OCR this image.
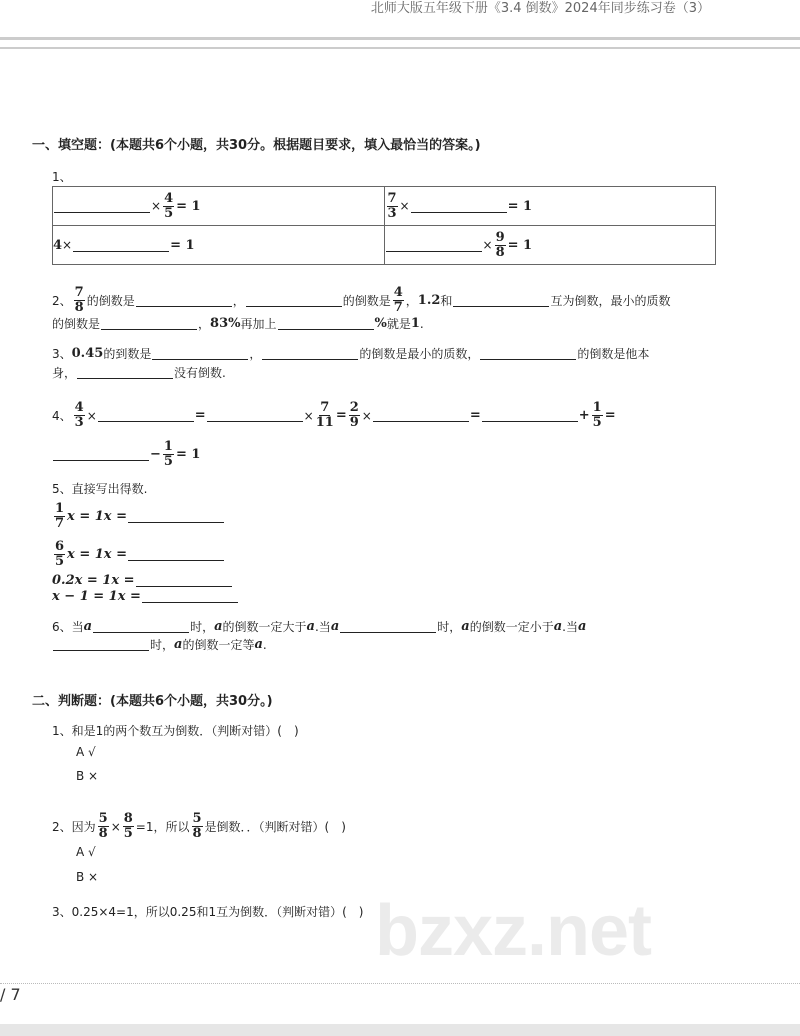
北师大版五年级下册《3.4 倒数》2024年同步练习卷（3）
bzxz.net
一、填空题：(本题共6个小题，共30分。根据题目要求，填入最恰当的答案。)
1、
× $\frac{4}{5} = 1$	$\frac{7}{3}$ × = 1

4 × = 1	× $\frac{9}{8} = 1$
2、 $\frac{7}{8}$ 的倒数是	，	的倒数是 $\frac{4}{7}$ ， 1.2 和	互为倒数，最小的质数
的倒数是	， 83% 再加上	% 就是 1 .
3、 0.45 的到数是	，	的倒数是最小的质数，	的倒数是他本
身，	没有倒数.
4、 $\frac{4}{3}$ ×	=	× $\frac{7}{11} = \frac{2}{9}$ ×	=	+ $\frac{1}{5}$ =
− $\frac{1}{5} = 1$
5、直接写出得数.
$\frac{1}{7}$ x = 1x =
$\frac{6}{5}$ x = 1x =
0.2x = 1x =
x − 1 = 1x =
6、当 a	时， a 的倒数一定大于 a .当 a	时， a 的倒数一定小于 a .当 a
时， a 的倒数一定等 a .
二、判断题：(本题共6个小题，共30分。)
1、和是1的两个数互为倒数．（判断对错）(　)
A √
B ×
2、因为 $\frac{5}{8} \times \frac{8}{5} =1$，所以 $\frac{5}{8}$ 是倒数．．（判断对错）(　)
A √
B ×
3、0.25×4=1，所以0.25和1互为倒数．（判断对错）(　)
/ 7
